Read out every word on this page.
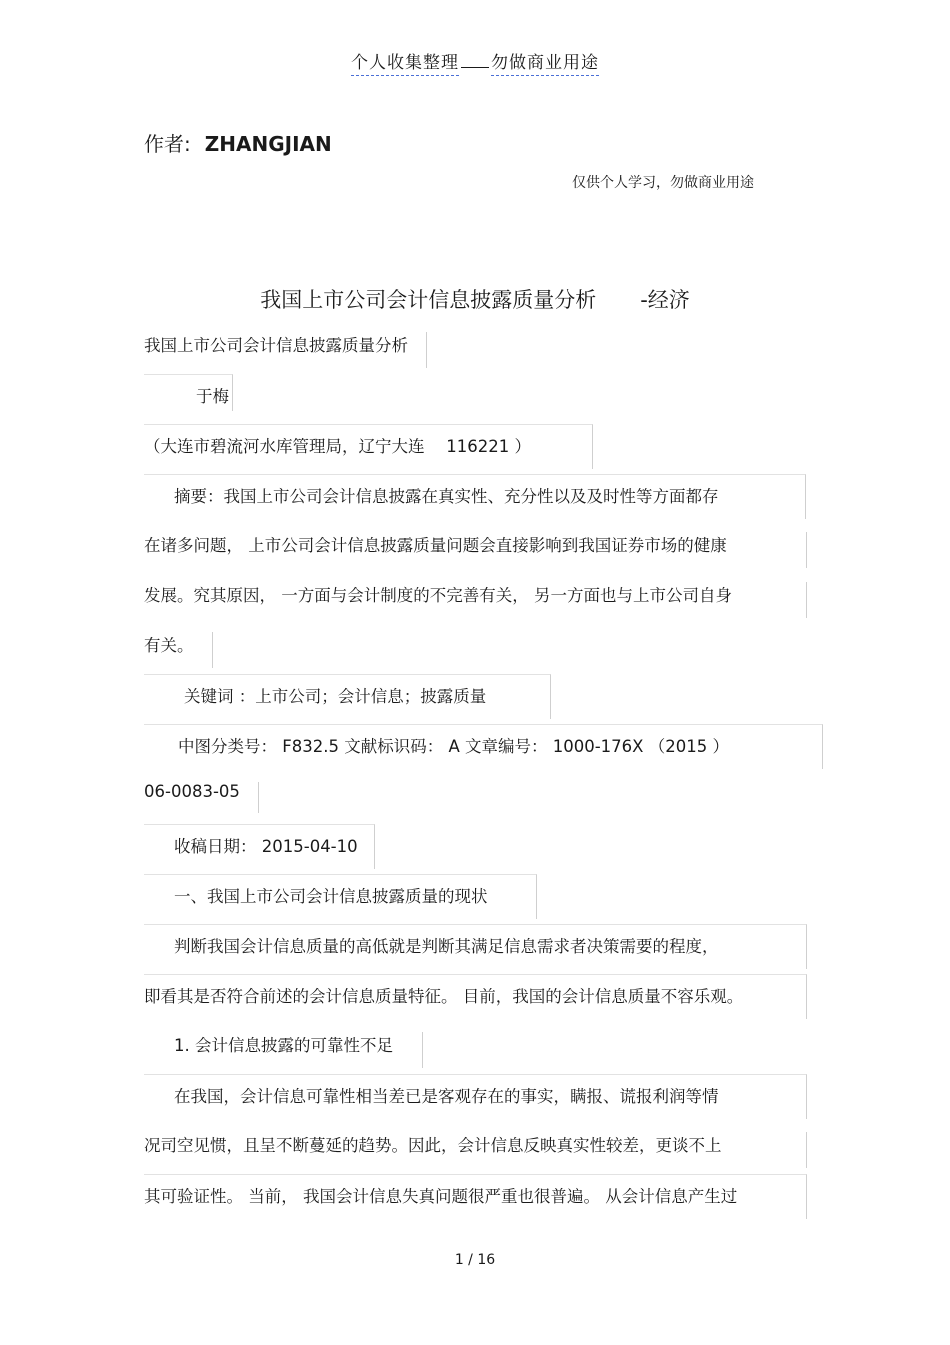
个人收集整理 勿做商业用途
作者: ZHANGJIAN
仅供个人学习，勿做商业用途
我国上市公司会计信息披露质量分析 -经济
我国上市公司会计信息披露质量分析
于梅
（大连市碧流河水库管理局，辽宁大连　 116221 ）
摘要：我国上市公司会计信息披露在真实性、充分性以及及时性等方面都存
在诸多问题， 上市公司会计信息披露质量问题会直接影响到我国证券市场的健康
发展。究其原因， 一方面与会计制度的不完善有关， 另一方面也与上市公司自身
有关。
关键词 ：上市公司；会计信息；披露质量
中图分类号： F832.5 文献标识码： A 文章编号： 1000-176X （2015 ）
06-0083-05
收稿日期： 2015-04-10
一、我国上市公司会计信息披露质量的现状
判断我国会计信息质量的高低就是判断其满足信息需求者决策需要的程度，
即看其是否符合前述的会计信息质量特征。 目前，我国的会计信息质量不容乐观。
1. 会计信息披露的可靠性不足
在我国，会计信息可靠性相当差已是客观存在的事实，瞒报、谎报利润等情
况司空见惯，且呈不断蔓延的趋势。因此，会计信息反映真实性较差，更谈不上
其可验证性。 当前， 我国会计信息失真问题很严重也很普遍。 从会计信息产生过
1 / 16
